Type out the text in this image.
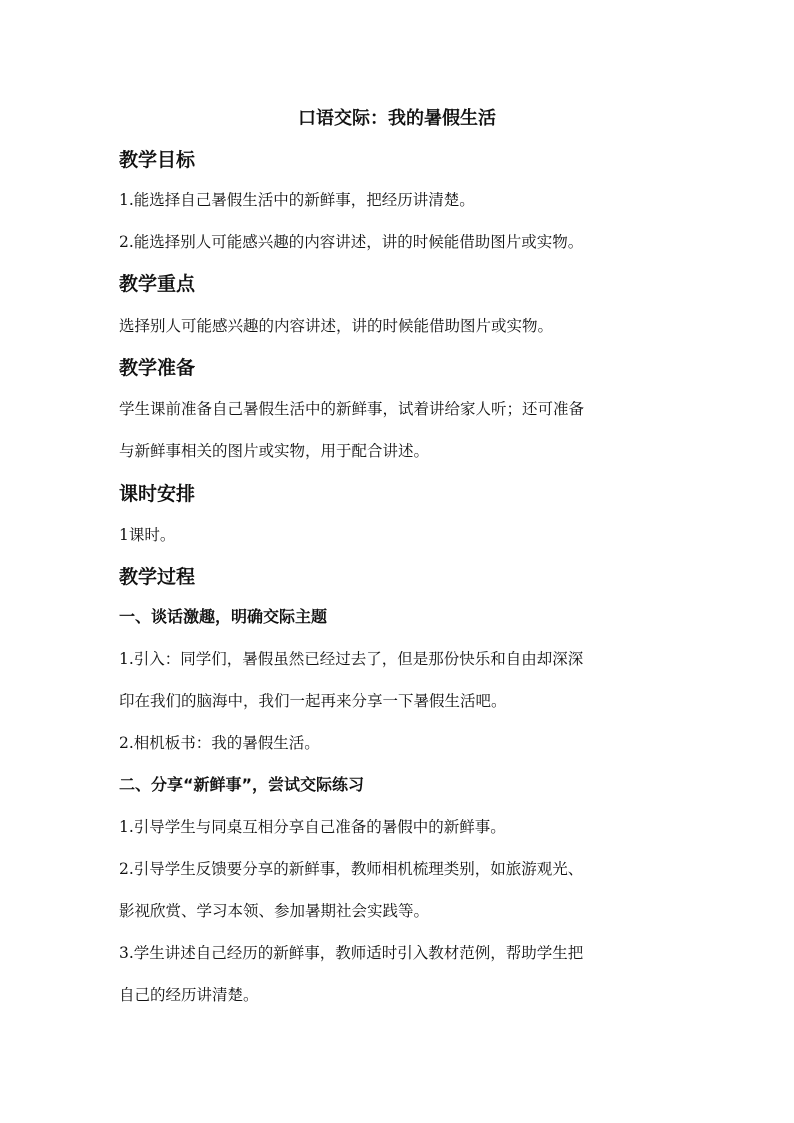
口语交际：我的暑假生活
教学目标
1.能选择自己暑假生活中的新鲜事，把经历讲清楚。
2.能选择别人可能感兴趣的内容讲述，讲的时候能借助图片或实物。
教学重点
选择别人可能感兴趣的内容讲述，讲的时候能借助图片或实物。
教学准备
学生课前准备自己暑假生活中的新鲜事，试着讲给家人听；还可准备
与新鲜事相关的图片或实物，用于配合讲述。
课时安排
1课时。
教学过程
一、谈话激趣，明确交际主题
1.引入：同学们，暑假虽然已经过去了，但是那份快乐和自由却深深
印在我们的脑海中，我们一起再来分享一下暑假生活吧。
2.相机板书：我的暑假生活。
二、分享“新鲜事”，尝试交际练习
1.引导学生与同桌互相分享自己准备的暑假中的新鲜事。
2.引导学生反馈要分享的新鲜事，教师相机梳理类别，如旅游观光、
影视欣赏、学习本领、参加暑期社会实践等。
3.学生讲述自己经历的新鲜事，教师适时引入教材范例，帮助学生把
自己的经历讲清楚。
